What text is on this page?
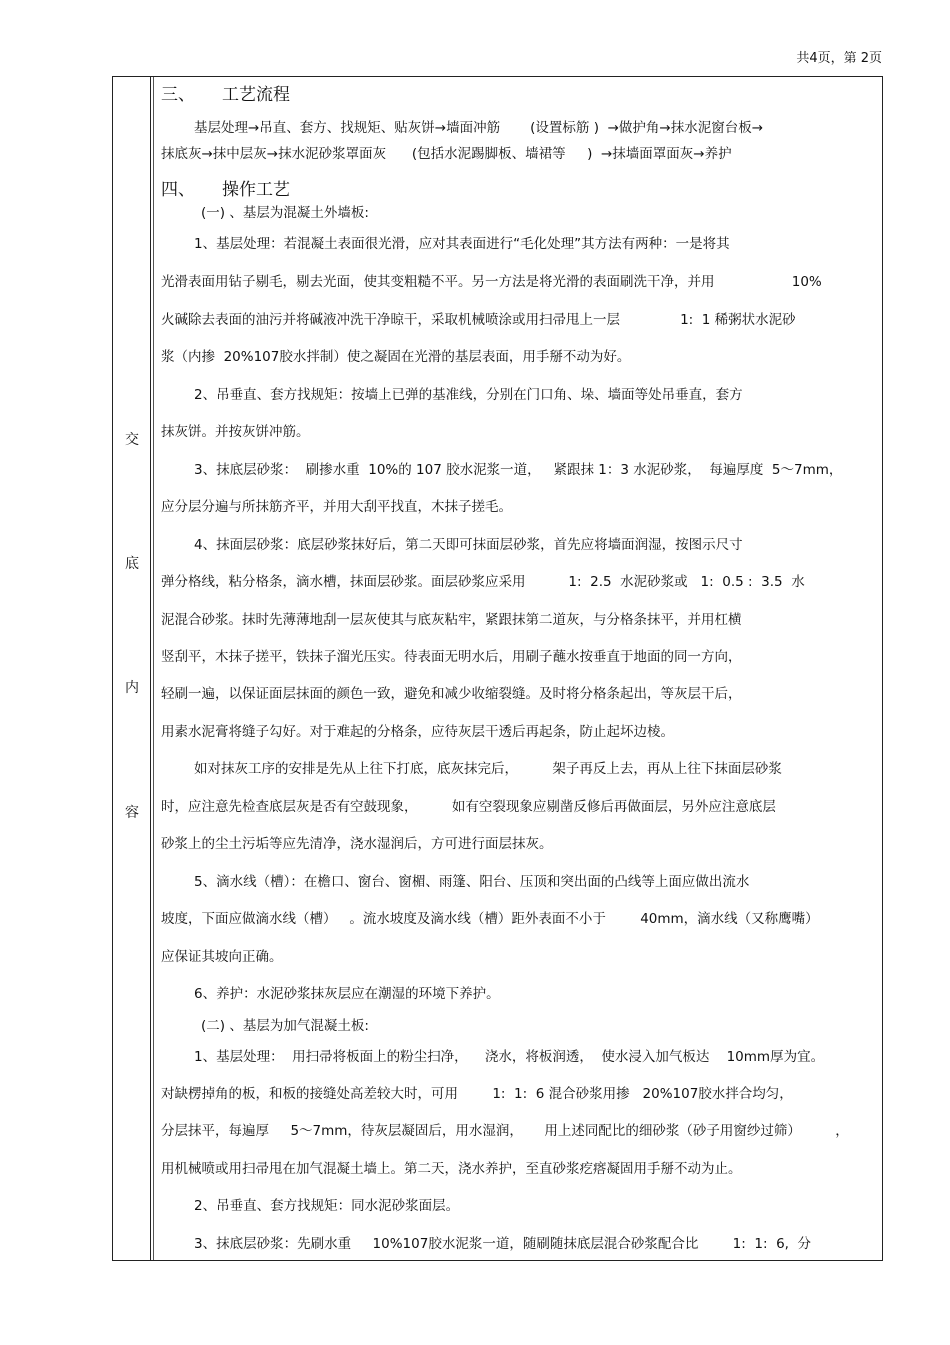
共4页，第 2页
交
底
内
容
三、     工艺流程
基层处理→吊直、套方、找规矩、贴灰饼→墙面冲筋       (设置标筋 )  →做护角→抹水泥窗台板→
抹底灰→抹中层灰→抹水泥砂浆罩面灰      (包括水泥踢脚板、墙裙等     )  →抹墙面罩面灰→养护
四、     操作工艺
(一) 、基层为混凝土外墙板:
1、基层处理：若混凝土表面很光滑，应对其表面进行“毛化处理”其方法有两种：一是将其
光滑表面用钻子剔毛，剔去光面，使其变粗糙不平。另一方法是将光滑的表面刷洗干净，并用                  10%
火碱除去表面的油污并将碱液冲洗干净晾干，采取机械喷涂或用扫帚甩上一层              1:  1 稀粥状水泥砂
浆（内掺  20%107胶水拌制）使之凝固在光滑的基层表面，用手掰不动为好。
2、吊垂直、套方找规矩：按墙上已弹的基准线，分别在门口角、垛、墙面等处吊垂直，套方
抹灰饼。并按灰饼冲筋。
3、抹底层砂浆：  刷掺水重  10%的 107 胶水泥浆一道，   紧跟抹 1：3 水泥砂浆，  每遍厚度  5～7mm，
应分层分遍与所抹筋齐平，并用大刮平找直，木抹子搓毛。
4、抹面层砂浆：底层砂浆抹好后，第二天即可抹面层砂浆，首先应将墙面润湿，按图示尺寸
弹分格线，粘分格条，滴水槽，抹面层砂浆。面层砂浆应采用          1:  2.5  水泥砂浆或   1:  0.5 :  3.5  水
泥混合砂浆。抹时先薄薄地刮一层灰使其与底灰粘牢，紧跟抹第二道灰，与分格条抹平，并用杠横
竖刮平，木抹子搓平，铁抹子溜光压实。待表面无明水后，用刷子蘸水按垂直于地面的同一方向，
轻刷一遍，以保证面层抹面的颜色一致，避免和减少收缩裂缝。及时将分格条起出，等灰层干后，
用素水泥膏将缝子勾好。对于难起的分格条，应待灰层干透后再起条，防止起坏边棱。
如对抹灰工序的安排是先从上往下打底，底灰抹完后，        架子再反上去，再从上往下抹面层砂浆
时，应注意先检查底层灰是否有空鼓现象，        如有空裂现象应剔凿反修后再做面层，另外应注意底层
砂浆上的尘土污垢等应先清净，浇水湿润后，方可进行面层抹灰。
5、滴水线（槽）：在檐口、窗台、窗楣、雨篷、阳台、压顶和突出面的凸线等上面应做出流水
坡度，下面应做滴水线（槽）   。流水坡度及滴水线（槽）距外表面不小于        40mm，滴水线（又称鹰嘴）
应保证其坡向正确。
6、养护：水泥砂浆抹灰层应在潮湿的环境下养护。
(二) 、基层为加气混凝土板:
1、基层处理：  用扫帚将板面上的粉尘扫净，    浇水，将板润透，  使水浸入加气板达    10mm厚为宜。
对缺楞掉角的板，和板的接缝处高差较大时，可用        1:  1:  6 混合砂浆用掺   20%107胶水拌合均匀，
分层抹平，每遍厚     5～7mm，待灰层凝固后，用水湿润，     用上述同配比的细砂浆（砂子用窗纱过筛）        ，
用机械喷或用扫帚甩在加气混凝土墙上。第二天，浇水养护，至直砂浆疙瘩凝固用手掰不动为止。
2、吊垂直、套方找规矩：同水泥砂浆面层。
3、抹底层砂浆：先刷水重     10%107胶水泥浆一道，随刷随抹底层混合砂浆配合比        1:  1:  6,  分
